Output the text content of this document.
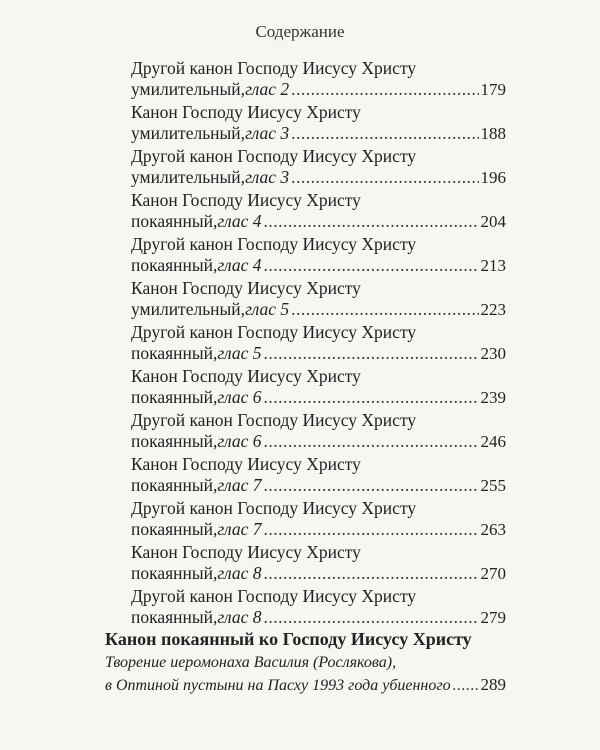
Содержание
Другой канон Господу Иисусу Христу
умилительный, глас 2 .....	179
Канон Господу Иисусу Христу
умилительный, глас 3 .....	188
Другой канон Господу Иисусу Христу
умилительный, глас 3 .....	196
Канон Господу Иисусу Христу
покаянный, глас 4 .....	204
Другой канон Господу Иисусу Христу
покаянный, глас 4 .....	213
Канон Господу Иисусу Христу
умилительный, глас 5 .....	223
Другой канон Господу Иисусу Христу
покаянный, глас 5 .....	230
Канон Господу Иисусу Христу
покаянный, глас 6 .....	239
Другой канон Господу Иисусу Христу
покаянный, глас 6 .....	246
Канон Господу Иисусу Христу
покаянный, глас 7 .....	255
Другой канон Господу Иисусу Христу
покаянный, глас 7 .....	263
Канон Господу Иисусу Христу
покаянный, глас 8 .....	270
Другой канон Господу Иисусу Христу
покаянный, глас 8 .....	279
Канон покаянный ко Господу Иисусу Христу
Творение иеромонаха Василия (Рослякова),
в Оптиной пустыни на Пасху 1993 года убиенного ..... 289
